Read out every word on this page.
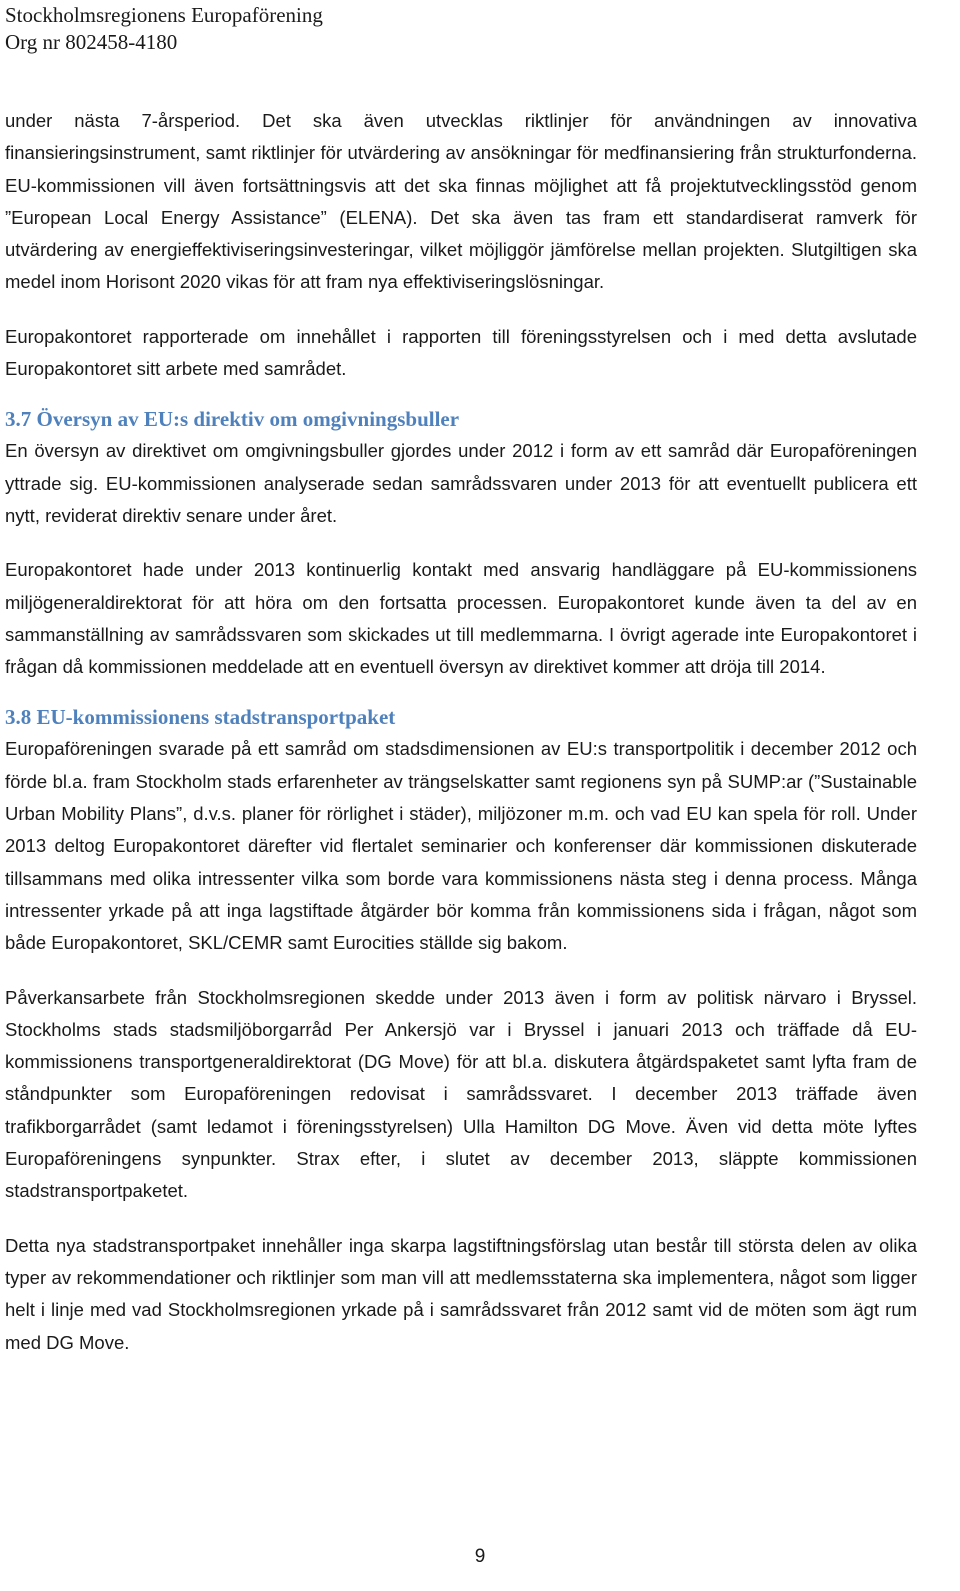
Stockholmsregionens Europaförening
Org nr 802458-4180

under nästa 7-årsperiod. Det ska även utvecklas riktlinjer för användningen av innovativa finansieringsinstrument, samt riktlinjer för utvärdering av ansökningar för medfinansiering från strukturfonderna. EU-kommissionen vill även fortsättningsvis att det ska finnas möjlighet att få projektutvecklingsstöd genom ”European Local Energy Assistance” (ELENA). Det ska även tas fram ett standardiserat ramverk för utvärdering av energieffektiviseringsinvesteringar, vilket möjliggör jämförelse mellan projekten. Slutgiltigen ska medel inom Horisont 2020 vikas för att fram nya effektiviseringslösningar.

Europakontoret rapporterade om innehållet i rapporten till föreningsstyrelsen och i med detta avslutade Europakontoret sitt arbete med samrådet.

3.7 Översyn av EU:s direktiv om omgivningsbuller

En översyn av direktivet om omgivningsbuller gjordes under 2012 i form av ett samråd där Europaföreningen yttrade sig. EU-kommissionen analyserade sedan samrådssvaren under 2013 för att eventuellt publicera ett nytt, reviderat direktiv senare under året.

Europakontoret hade under 2013 kontinuerlig kontakt med ansvarig handläggare på EU-kommissionens miljögeneraldirektorat för att höra om den fortsatta processen. Europakontoret kunde även ta del av en sammanställning av samrådssvaren som skickades ut till medlemmarna. I övrigt agerade inte Europakontoret i frågan då kommissionen meddelade att en eventuell översyn av direktivet kommer att dröja till 2014.

3.8 EU-kommissionens stadstransportpaket

Europaföreningen svarade på ett samråd om stadsdimensionen av EU:s transportpolitik i december 2012 och förde bl.a. fram Stockholm stads erfarenheter av trängselskatter samt regionens syn på SUMP:ar (”Sustainable Urban Mobility Plans”, d.v.s. planer för rörlighet i städer), miljözoner m.m. och vad EU kan spela för roll. Under 2013 deltog Europakontoret därefter vid flertalet seminarier och konferenser där kommissionen diskuterade tillsammans med olika intressenter vilka som borde vara kommissionens nästa steg i denna process. Många intressenter yrkade på att inga lagstiftade åtgärder bör komma från kommissionens sida i frågan, något som både Europakontoret, SKL/CEMR samt Eurocities ställde sig bakom.

Påverkansarbete från Stockholmsregionen skedde under 2013 även i form av politisk närvaro i Bryssel. Stockholms stads stadsmiljöborgarråd Per Ankersjö var i Bryssel i januari 2013 och träffade då EU-kommissionens transportgeneraldirektorat (DG Move) för att bl.a. diskutera åtgärdspaketet samt lyfta fram de ståndpunkter som Europaföreningen redovisat i samrådssvaret. I december 2013 träffade även trafikborgarrådet (samt ledamot i föreningsstyrelsen) Ulla Hamilton DG Move. Även vid detta möte lyftes Europaföreningens synpunkter. Strax efter, i slutet av december 2013, släppte kommissionen stadstransportpaketet.

Detta nya stadstransportpaket innehåller inga skarpa lagstiftningsförslag utan består till största delen av olika typer av rekommendationer och riktlinjer som man vill att medlemsstaterna ska implementera, något som ligger helt i linje med vad Stockholmsregionen yrkade på i samrådssvaret från 2012 samt vid de möten som ägt rum med DG Move.

9
